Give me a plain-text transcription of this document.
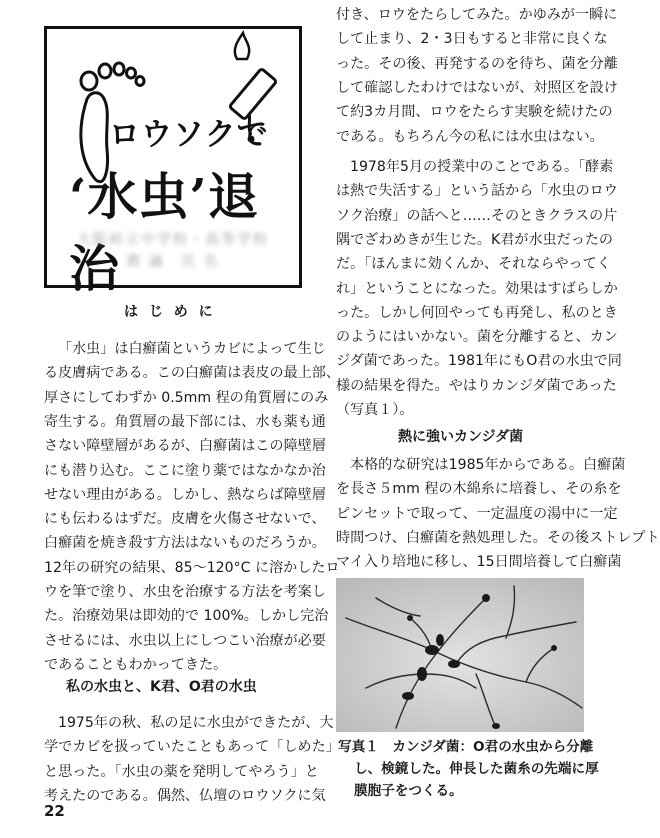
ロウソクで
‘水虫’退治
大阪府立中学校・高等学校
教 諭　氏 名
は じ め に
「水虫」は白癬菌というカビによって生じ
る皮膚病である。この白癬菌は表皮の最上部、
厚さにしてわずか 0.5mm 程の角質層にのみ
寄生する。角質層の最下部には、水も薬も通
さない障壁層があるが、白癬菌はこの障壁層
にも潜り込む。ここに塗り薬ではなかなか治
せない理由がある。しかし、熱ならば障壁層
にも伝わるはずだ。皮膚を火傷させないで、
白癬菌を焼き殺す方法はないものだろうか。
12年の研究の結果、85～120°C に溶かしたロ
ウを筆で塗り、水虫を治療する方法を考案し
た。治療効果は即効的で 100%。しかし完治
させるには、水虫以上にしつこい治療が必要
であることもわかってきた。
私の水虫と、K君、O君の水虫
1975年の秋、私の足に水虫ができたが、大
学でカビを扱っていたこともあって「しめた」
と思った。「水虫の薬を発明してやろう」と
考えたのである。偶然、仏壇のロウソクに気
付き、ロウをたらしてみた。かゆみが一瞬に
して止まり、2・3日もすると非常に良くな
った。その後、再発するのを待ち、菌を分離
して確認したわけではないが、対照区を設け
て約3カ月間、ロウをたらす実験を続けたの
である。もちろん今の私には水虫はない。
1978年5月の授業中のことである。「酵素
は熱で失活する」という話から「水虫のロウ
ソク治療」の話へと……そのときクラスの片
隅でざわめきが生じた。K君が水虫だったの
だ。「ほんまに効くんか、それならやってく
れ」ということになった。効果はすばらしか
った。しかし何回やっても再発し、私のとき
のようにはいかない。菌を分離すると、カン
ジダ菌であった。1981年にもO君の水虫で同
様の結果を得た。やはりカンジダ菌であった
（写真１）。
熱に強いカンジダ菌
本格的な研究は1985年からである。白癬菌
を長さ５mm 程の木綿糸に培養し、その糸を
ピンセットで取って、一定温度の湯中に一定
時間つけ、白癬菌を熱処理した。その後ストレプト
マイ入り培地に移し、15日間培養して白癬菌
写真１　カンジダ菌：O君の水虫から分離
し、検鏡した。伸長した菌糸の先端に厚
膜胞子をつくる。
22
